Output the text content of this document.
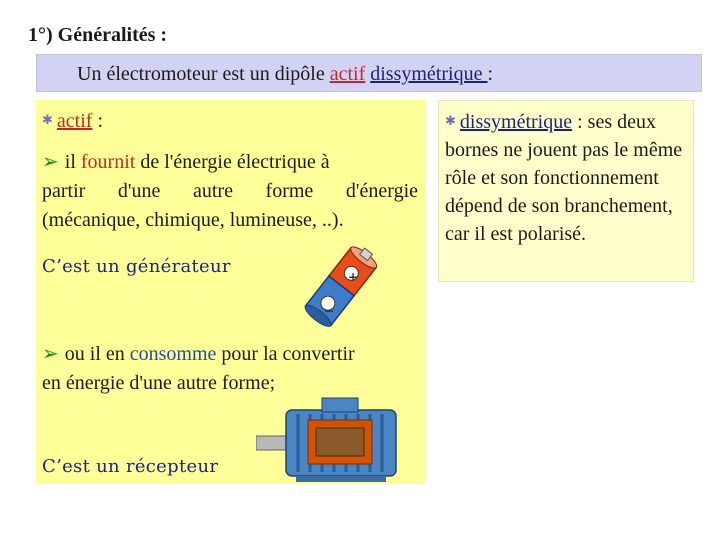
1°) Généralités :
Un électromoteur est un dipôle actif dissymétrique :
✱ actif :
➢ il fournit de l'énergie électrique à
partir d'une autre forme d'énergie
(mécanique, chimique, lumineuse, ..).
C’est un générateur	+
−
➢ ou il en consomme pour la convertir
en énergie d'une autre forme;
C’est un récepteur
✱ dissymétrique : ses deux bornes ne jouent pas le même rôle et son fonctionnement dépend de son branchement, car il est polarisé.
